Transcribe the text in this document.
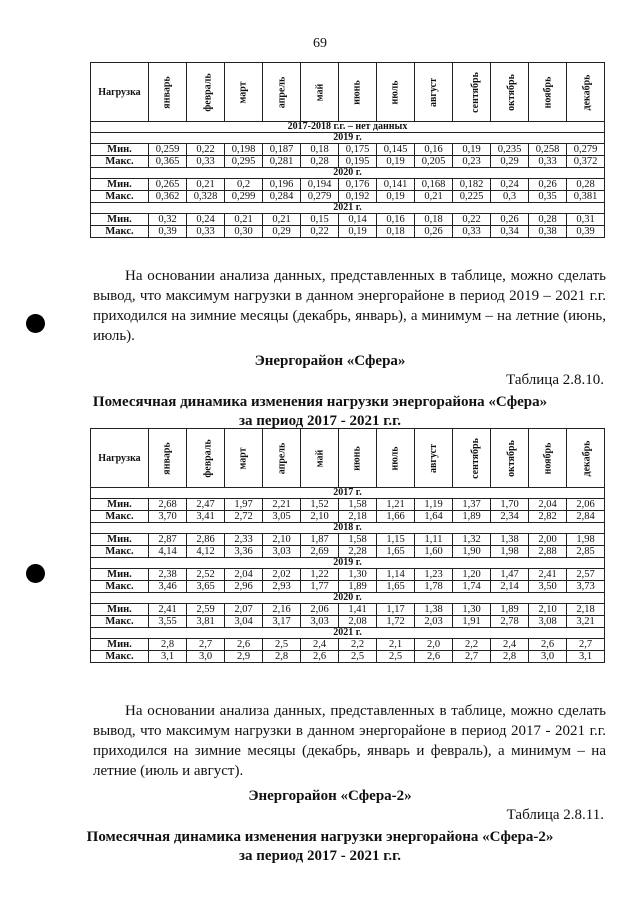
69
Нагрузка	январь	февраль	март	апрель	май	июнь	июль	август	сентябрь	октябрь	ноябрь	декабрь
2017-2018 г.г. – нет данных												
2019 г.												
Мин.	0,259	0,22	0,198	0,187	0,18	0,175	0,145	0,16	0,19	0,235	0,258	0,279
Макс.	0,365	0,33	0,295	0,281	0,28	0,195	0,19	0,205	0,23	0,29	0,33	0,372
2020 г.												
Мин.	0,265	0,21	0,2	0,196	0,194	0,176	0,141	0,168	0,182	0,24	0,26	0,28
Макс.	0,362	0,328	0,299	0,284	0,279	0,192	0,19	0,21	0,225	0,3	0,35	0,381
2021 г.												
Мин.	0,32	0,24	0,21	0,21	0,15	0,14	0,16	0,18	0,22	0,26	0,28	0,31
Макс.	0,39	0,33	0,30	0,29	0,22	0,19	0,18	0,26	0,33	0,34	0,38	0,39
На основании анализа данных, представленных в таблице, можно сделать вывод, что максимум нагрузки в данном энергорайоне в период 2019 – 2021 г.г. приходился на зимние месяцы (декабрь, январь), а минимум – на летние (июнь, июль).
Энергорайон «Сфера»
Таблица 2.8.10.
Помесячная динамика изменения нагрузки энергорайона «Сфера»
за период 2017 - 2021 г.г.
Нагрузка	январь	февраль	март	апрель	май	июнь	июль	август	сентябрь	октябрь	ноябрь	декабрь
2017 г.												
Мин.	2,68	2,47	1,97	2,21	1,52	1,58	1,21	1,19	1,37	1,70	2,04	2,06
Макс.	3,70	3,41	2,72	3,05	2,10	2,18	1,66	1,64	1,89	2,34	2,82	2,84
2018 г.												
Мин.	2,87	2,86	2,33	2,10	1,87	1,58	1,15	1,11	1,32	1,38	2,00	1,98
Макс.	4,14	4,12	3,36	3,03	2,69	2,28	1,65	1,60	1,90	1,98	2,88	2,85
2019 г.												
Мин.	2,38	2,52	2,04	2,02	1,22	1,30	1,14	1,23	1,20	1,47	2,41	2,57
Макс.	3,46	3,65	2,96	2,93	1,77	1,89	1,65	1,78	1,74	2,14	3,50	3,73
2020 г.												
Мин.	2,41	2,59	2,07	2,16	2,06	1,41	1,17	1,38	1,30	1,89	2,10	2,18
Макс.	3,55	3,81	3,04	3,17	3,03	2,08	1,72	2,03	1,91	2,78	3,08	3,21
2021 г.												
Мин.	2,8	2,7	2,6	2,5	2,4	2,2	2,1	2,0	2,2	2,4	2,6	2,7
Макс.	3,1	3,0	2,9	2,8	2,6	2,5	2,5	2,6	2,7	2,8	3,0	3,1
На основании анализа данных, представленных в таблице, можно сделать вывод, что максимум нагрузки в данном энергорайоне в период 2017 - 2021 г.г. приходился на зимние месяцы (декабрь, январь и февраль), а минимум – на летние (июль и август).
Энергорайон «Сфера-2»
Таблица 2.8.11.
Помесячная динамика изменения нагрузки энергорайона «Сфера-2»
за период 2017 - 2021 г.г.
